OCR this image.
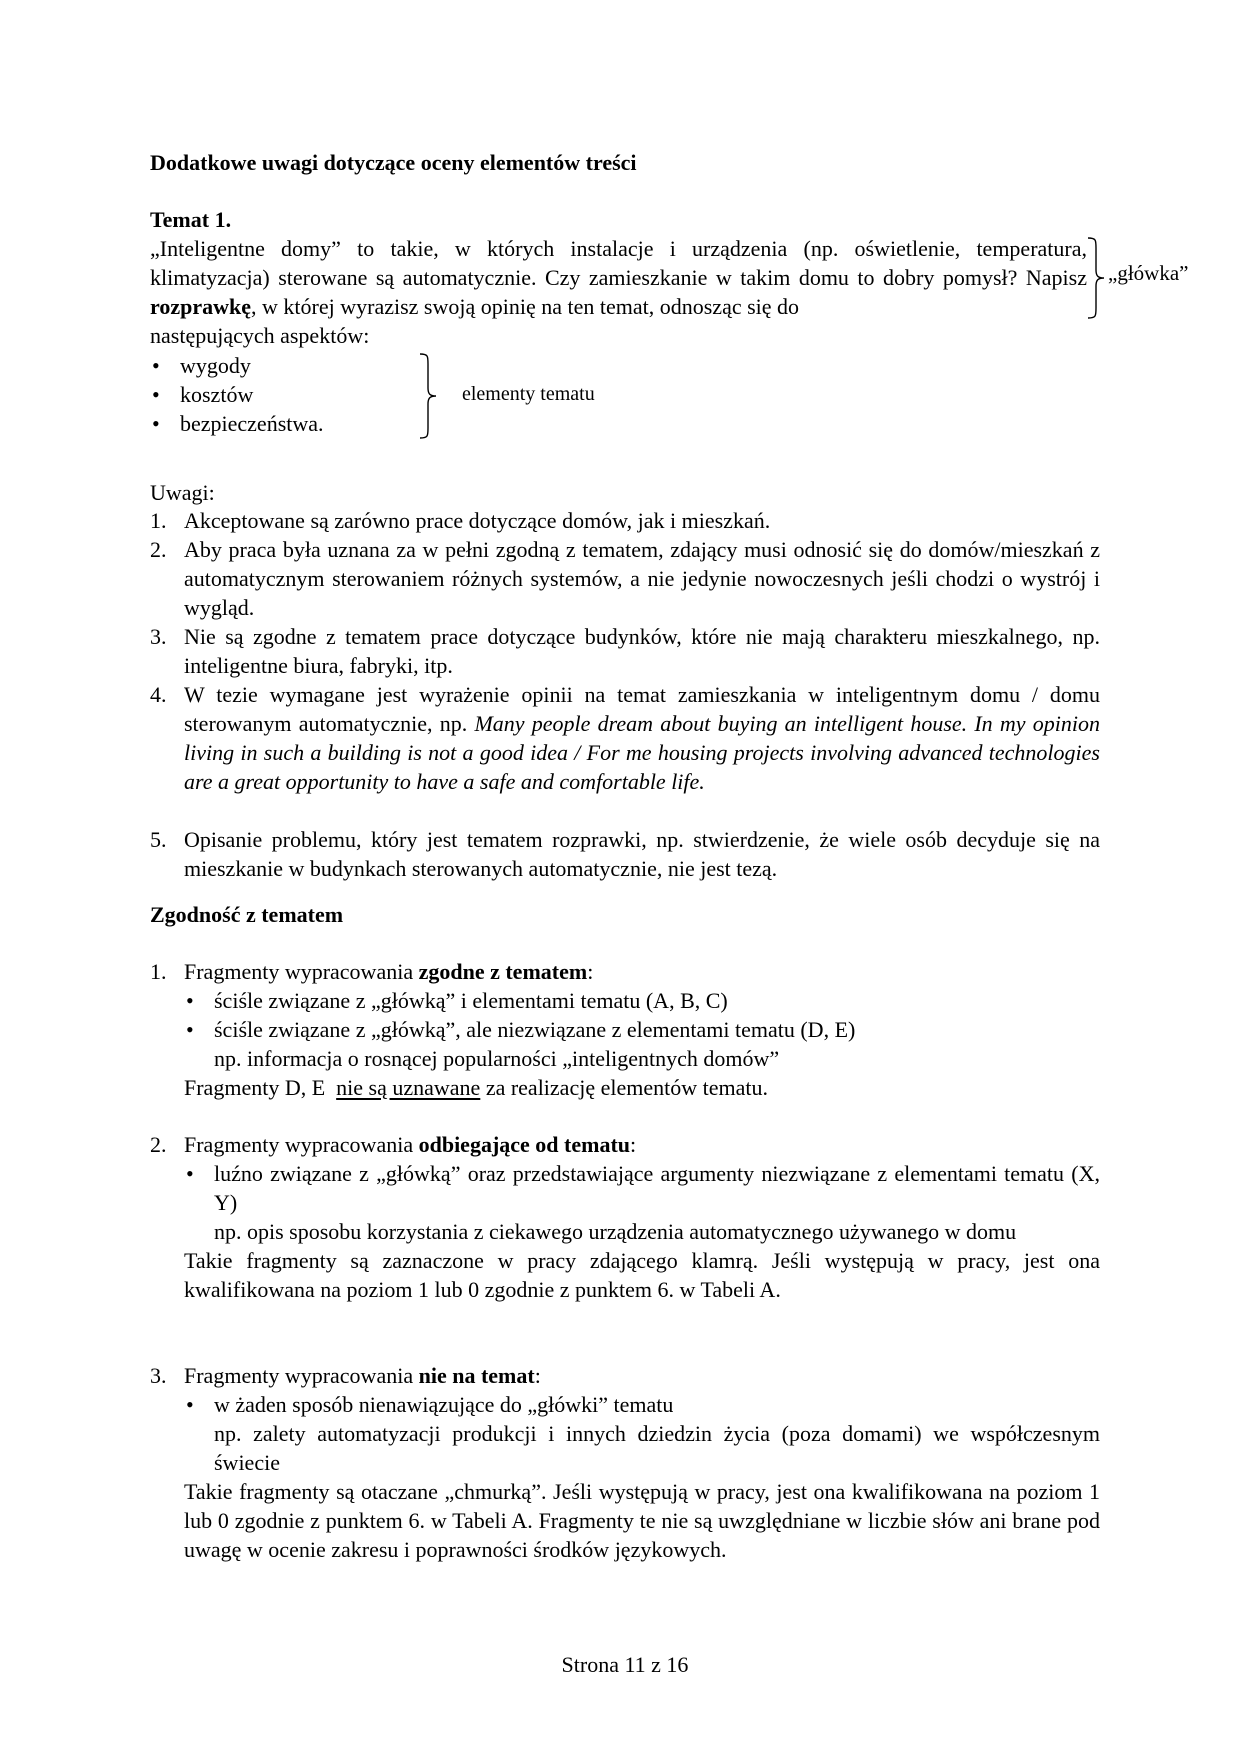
Dodatkowe uwagi dotyczące oceny elementów treści

Temat 1.

„Inteligentne domy” to takie, w których instalacje i urządzenia (np. oświetlenie, temperatura, klimatyzacja) sterowane są automatycznie. Czy zamieszkanie w takim domu to dobry pomysł? Napisz rozprawkę, w której wyrazisz swoją opinię na ten temat, odnosząc się do

następujących aspektów:

„główka”
• wygody
• kosztów
• bezpieczeństwa.
elementy tematu

Uwagi:

1. Akceptowane są zarówno prace dotyczące domów, jak i mieszkań.
2. Aby praca była uznana za w pełni zgodną z tematem, zdający musi odnosić się do domów/mieszkań z automatycznym sterowaniem różnych systemów, a nie jedynie nowoczesnych jeśli chodzi o wystrój i wygląd.
3. Nie są zgodne z tematem prace dotyczące budynków, które nie mają charakteru mieszkalnego, np. inteligentne biura, fabryki, itp.
4. W tezie wymagane jest wyrażenie opinii na temat zamieszkania w inteligentnym domu / domu sterowanym automatycznie, np. Many people dream about buying an intelligent house. In my opinion living in such a building is not a good idea / For me housing projects involving advanced technologies are a great opportunity to have a safe and comfortable life.
5. Opisanie problemu, który jest tematem rozprawki, np. stwierdzenie, że wiele osób decyduje się na mieszkanie w budynkach sterowanych automatycznie, nie jest tezą.

Zgodność z tematem

1. Fragmenty wypracowania zgodne z tematem:
• ściśle związane z „główką” i elementami tematu (A, B, C)
• ściśle związane z „główką”, ale niezwiązane z elementami tematu (D, E)
np. informacja o rosnącej popularności „inteligentnych domów”
Fragmenty D, E  nie są uznawane za realizację elementów tematu.
2. Fragmenty wypracowania odbiegające od tematu:
• luźno związane z „główką” oraz przedstawiające argumenty niezwiązane z elementami tematu (X, Y)
np. opis sposobu korzystania z ciekawego urządzenia automatycznego używanego w domu
Takie fragmenty są zaznaczone w pracy zdającego klamrą. Jeśli występują w pracy, jest ona kwalifikowana na poziom 1 lub 0 zgodnie z punktem 6. w Tabeli A.
3. Fragmenty wypracowania nie na temat:
• w żaden sposób nienawiązujące do „główki” tematu
np. zalety automatyzacji produkcji i innych dziedzin życia (poza domami) we współczesnym świecie
Takie fragmenty są otaczane „chmurką”. Jeśli występują w pracy, jest ona kwalifikowana na poziom 1 lub 0 zgodnie z punktem 6. w Tabeli A. Fragmenty te nie są uwzględniane w liczbie słów ani brane pod uwagę w ocenie zakresu i poprawności środków językowych.

Strona 11 z 16
